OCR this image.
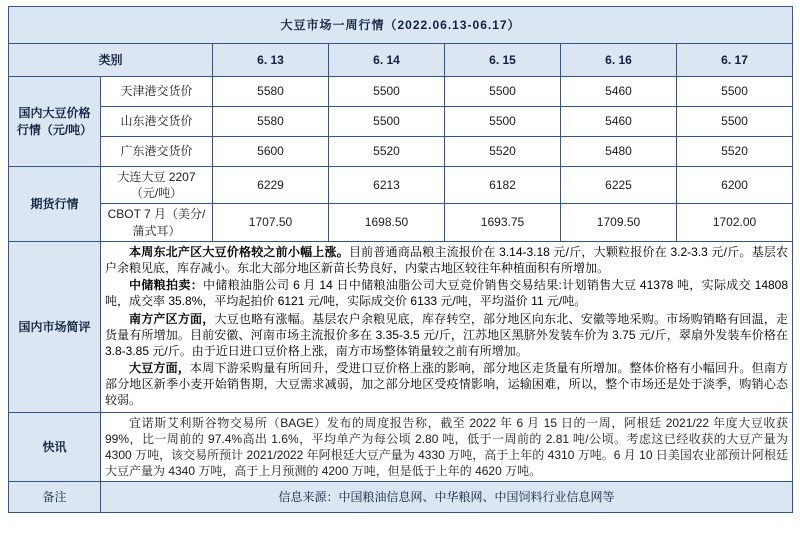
大豆市场一周行情（2022.06.13-06.17）						
类别		6. 13	6. 14	6. 15	6. 16	6. 17
国内大豆价格行情（元/吨）	天津港交货价	5580	5500	5500	5460	5500
	山东港交货价	5580	5500	5500	5460	5500
	广东港交货价	5600	5520	5520	5480	5520
期货行情	大连大豆 2207（元/吨）	6229	6213	6182	6225	6200
	CBOT 7 月（美分/蒲式耳）	1707.50	1698.50	1693.75	1709.50	1702.00
国内市场简评	本周东北产区大豆价格较之前小幅上涨。目前普通商品粮主流报价在 3.14-3.18 元/斤，大颗粒报价在 3.2-3.3 元/斤。基层农户余粮见底，库存减小。东北大部分地区新苗长势良好，内蒙古地区较往年种植面积有所增加。

中储粮拍卖：中储粮油脂公司 6 月 14 日中储粮油脂公司大豆竞价销售交易结果:计划销售大豆 41378 吨，实际成交 14808 吨，成交率 35.8%，平均起拍价 6121 元/吨，实际成交价 6133 元/吨，平均溢价 11 元/吨。

南方产区方面，大豆也略有涨幅。基层农户余粮见底，库存转空，部分地区向东北、安徽等地采购。市场购销略有回温，走货量有所增加。目前安徽、河南市场主流报价多在 3.35-3.5 元/斤，江苏地区黑脐外发装车价为 3.75 元/斤，翠扇外发装车价格在 3.8-3.85 元/斤。由于近日进口豆价格上涨，南方市场整体销量较之前有所增加。

大豆方面，本周下游采购量有所回升，受进口豆价格上涨的影响，部分地区走货量有所增加。整体价格有小幅回升。但南方部分地区新季小麦开始销售期，大豆需求减弱，加之部分地区受疫情影响，运输困难，所以，整个市场还是处于淡季，购销心态较弱。					

快讯	宜诺斯艾利斯谷物交易所（BAGE）发布的周度报告称，截至 2022 年 6 月 15 日的一周，阿根廷 2021/22 年度大豆收获 99%，比一周前的 97.4%高出 1.6%，平均单产为每公顷 2.80 吨，低于一周前的 2.81 吨/公顷。考虑这已经收获的大豆产量为 4300 万吨，该交易所预计 2021/2022 年阿根廷大豆产量为 4330 万吨，高于上年的 4310 万吨。6 月 10 日美国农业部预计阿根廷大豆产量为 4340 万吨，高于上月预测的 4200 万吨，但是低于上年的 4620 万吨。					

备注	信息来源：中国粮油信息网、中华粮网、中国饲料行业信息网等					
